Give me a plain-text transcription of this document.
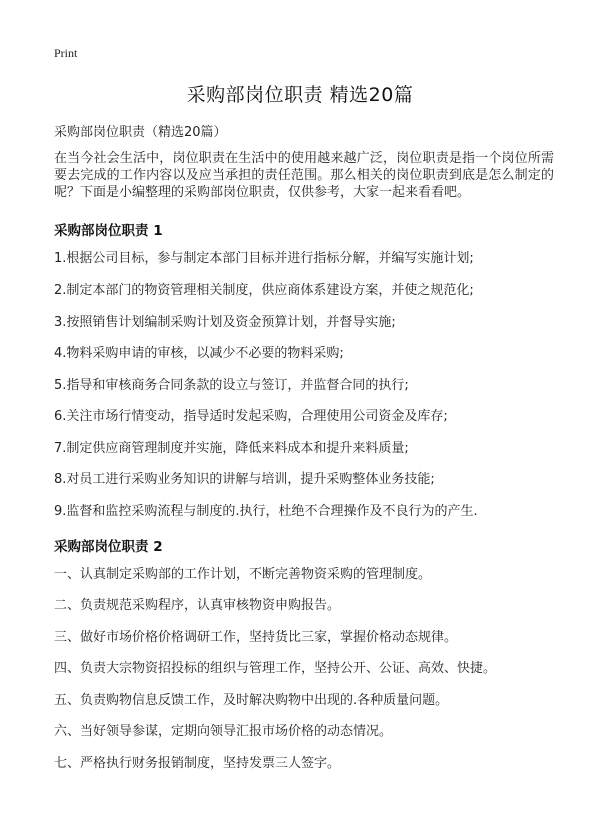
Print
采购部岗位职责 精选20篇

采购部岗位职责（精选20篇）

在当今社会生活中，岗位职责在生活中的使用越来越广泛，岗位职责是指一个岗位所需要去完成的工作内容以及应当承担的责任范围。那么相关的岗位职责到底是怎么制定的呢？下面是小编整理的采购部岗位职责，仅供参考，大家一起来看看吧。

采购部岗位职责 1

1.根据公司目标，参与制定本部门目标并进行指标分解，并编写实施计划;

2.制定本部门的物资管理相关制度，供应商体系建设方案，并使之规范化;

3.按照销售计划编制采购计划及资金预算计划，并督导实施;

4.物料采购申请的审核，以减少不必要的物料采购;

5.指导和审核商务合同条款的设立与签订，并监督合同的执行;

6.关注市场行情变动，指导适时发起采购，合理使用公司资金及库存;

7.制定供应商管理制度并实施，降低来料成本和提升来料质量;

8.对员工进行采购业务知识的讲解与培训，提升采购整体业务技能;

9.监督和监控采购流程与制度的.执行，杜绝不合理操作及不良行为的产生.

采购部岗位职责 2

一、认真制定采购部的工作计划，不断完善物资采购的管理制度。

二、负责规范采购程序，认真审核物资申购报告。

三、做好市场价格价格调研工作，坚持货比三家，掌握价格动态规律。

四、负责大宗物资招投标的组织与管理工作，坚持公开、公证、高效、快捷。

五、负责购物信息反馈工作，及时解决购物中出现的.各种质量问题。

六、当好领导参谋，定期向领导汇报市场价格的动态情况。

七、严格执行财务报销制度，坚持发票三人签字。
